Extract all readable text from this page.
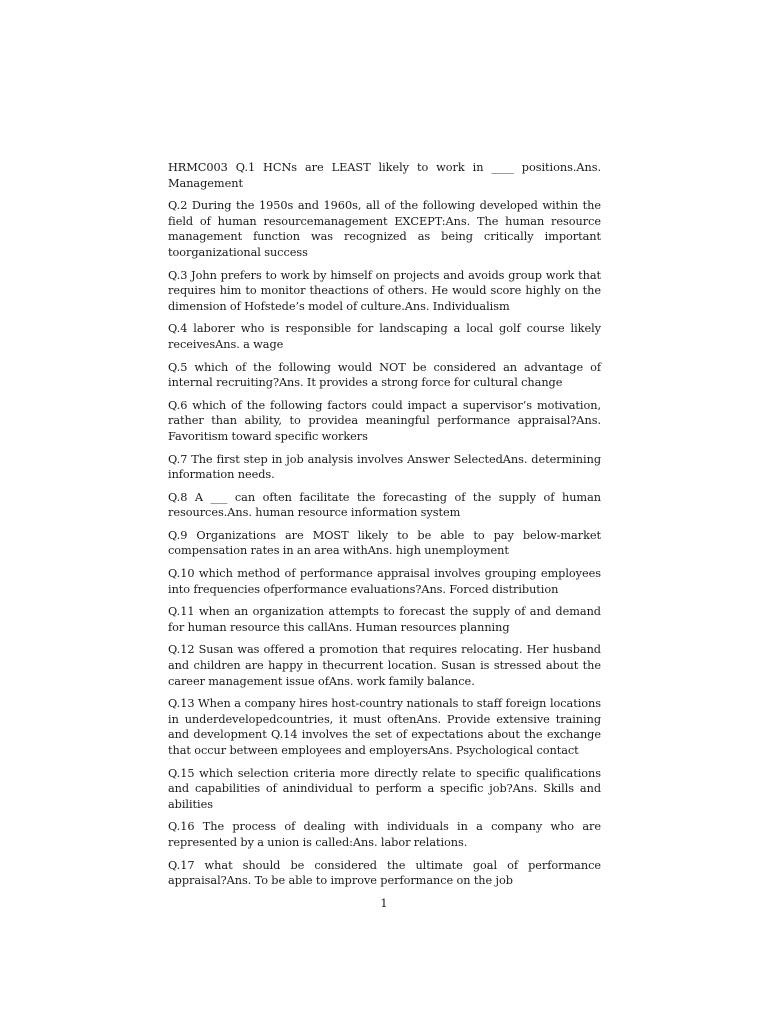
HRMC003 Q.1 HCNs are LEAST likely to work in ____ positions.Ans. Management

Q.2 During the 1950s and 1960s, all of the following developed within the field of human resourcemanagement EXCEPT:Ans. The human resource management function was recognized as being critically important toorganizational success

Q.3 John prefers to work by himself on projects and avoids group work that requires him to monitor theactions of others. He would score highly on the dimension of Hofstede’s model of culture.Ans. Individualism

Q.4 laborer who is responsible for landscaping a local golf course likely receivesAns. a wage

Q.5 which of the following would NOT be considered an advantage of internal recruiting?Ans. It provides a strong force for cultural change

Q.6 which of the following factors could impact a supervisor’s motivation, rather than ability, to providea meaningful performance appraisal?Ans. Favoritism toward specific workers

Q.7 The first step in job analysis involves Answer SelectedAns. determining information needs.

Q.8 A ___ can often facilitate the forecasting of the supply of human resources.Ans. human resource information system

Q.9 Organizations are MOST likely to be able to pay below-market compensation rates in an area withAns. high unemployment

Q.10 which method of performance appraisal involves grouping employees into frequencies ofperformance evaluations?Ans. Forced distribution

Q.11 when an organization attempts to forecast the supply of and demand for human resource this callAns. Human resources planning

Q.12 Susan was offered a promotion that requires relocating. Her husband and children are happy in thecurrent location. Susan is stressed about the career management issue ofAns. work family balance.

Q.13 When a company hires host-country nationals to staff foreign locations in underdevelopedcountries, it must oftenAns. Provide extensive training and development Q.14 involves the set of expectations about the exchange that occur between employees and employersAns. Psychological contact

Q.15 which selection criteria more directly relate to specific qualifications and capabilities of anindividual to perform a specific job?Ans. Skills and abilities

Q.16 The process of dealing with individuals in a company who are represented by a union is called:Ans. labor relations.

Q.17 what should be considered the ultimate goal of performance appraisal?Ans. To be able to improve performance on the job

1
